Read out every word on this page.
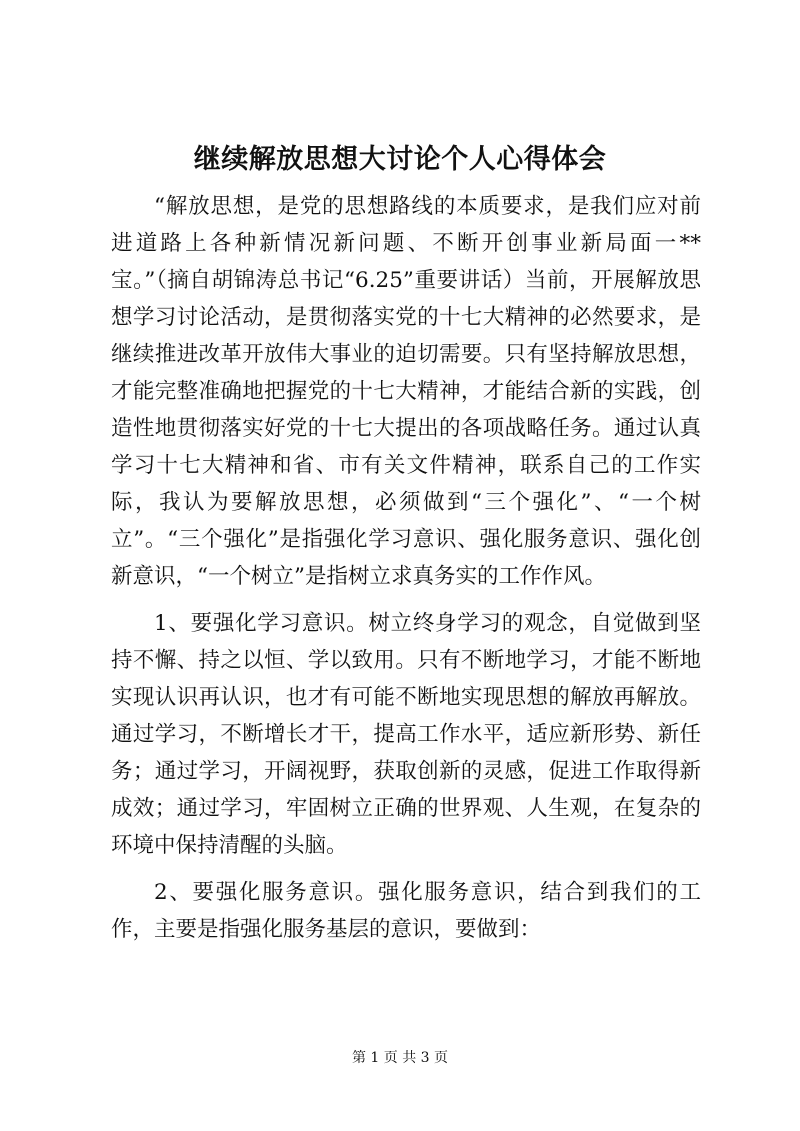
继续解放思想大讨论个人心得体会

“解放思想，是党的思想路线的本质要求，是我们应对前进道路上各种新情况新问题、不断开创事业新局面一**宝。”（摘自胡锦涛总书记“6.25”重要讲话）当前，开展解放思想学习讨论活动，是贯彻落实党的十七大精神的必然要求，是继续推进改革开放伟大事业的迫切需要。只有坚持解放思想，才能完整准确地把握党的十七大精神，才能结合新的实践，创造性地贯彻落实好党的十七大提出的各项战略任务。通过认真学习十七大精神和省、市有关文件精神，联系自己的工作实际，我认为要解放思想，必须做到“三个强化”、“一个树立”。“三个强化”是指强化学习意识、强化服务意识、强化创新意识，“一个树立”是指树立求真务实的工作作风。

1、要强化学习意识。树立终身学习的观念，自觉做到坚持不懈、持之以恒、学以致用。只有不断地学习，才能不断地实现认识再认识，也才有可能不断地实现思想的解放再解放。通过学习，不断增长才干，提高工作水平，适应新形势、新任务；通过学习，开阔视野，获取创新的灵感，促进工作取得新成效；通过学习，牢固树立正确的世界观、人生观，在复杂的环境中保持清醒的头脑。

2、要强化服务意识。强化服务意识，结合到我们的工作，主要是指强化服务基层的意识，要做到：

第 1 页 共 3 页
